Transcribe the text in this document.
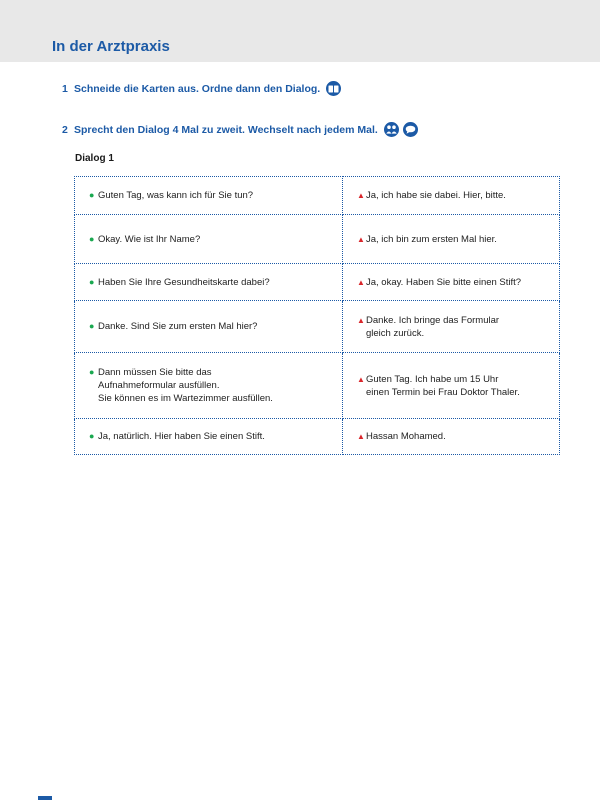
In der Arztpraxis
1 Schneide die Karten aus. Ordne dann den Dialog.
2 Sprecht den Dialog 4 Mal zu zweit. Wechselt nach jedem Mal.
Dialog 1
● Guten Tag, was kann ich für Sie tun?	▲ Ja, ich habe sie dabei. Hier, bitte.

● Okay. Wie ist Ihr Name?	▲ Ja, ich bin zum ersten Mal hier.

● Haben Sie Ihre Gesundheitskarte dabei?	▲ Ja, okay. Haben Sie bitte einen Stift?

● Danke. Sind Sie zum ersten Mal hier?	▲ Danke. Ich bringe das Formular
gleich zurück.

● Dann müssen Sie bitte das
Aufnahmeformular ausfüllen.
Sie können es im Wartezimmer ausfüllen.	▲ Guten Tag. Ich habe um 15 Uhr
einen Termin bei Frau Doktor Thaler.

● Ja, natürlich. Hier haben Sie einen Stift.	▲ Hassan Mohamed.
